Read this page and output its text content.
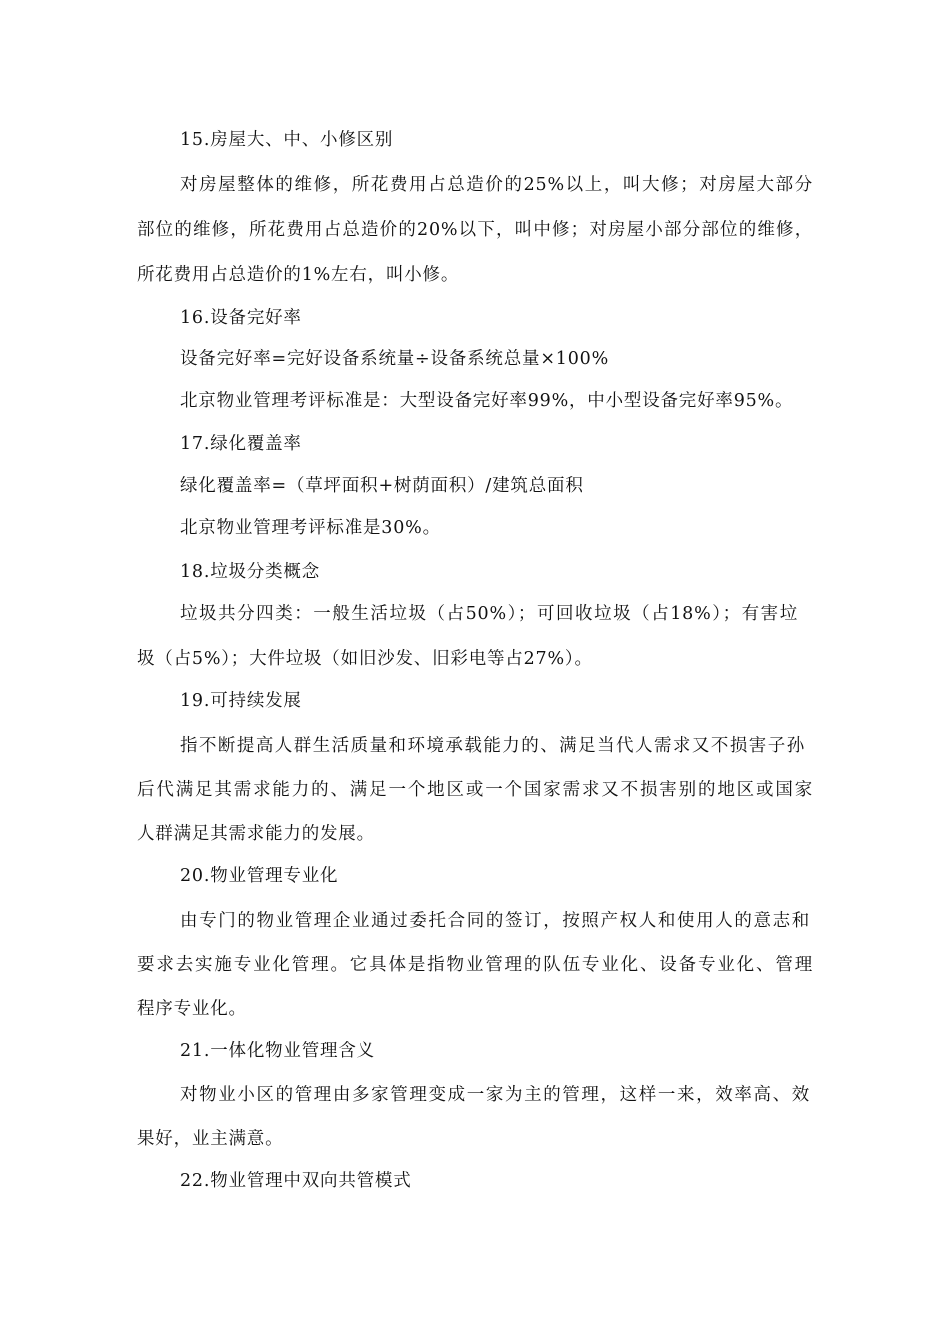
15.房屋大、中、小修区别
对房屋整体的维修，所花费用占总造价的25%以上，叫大修；对房屋大部分
部位的维修，所花费用占总造价的20%以下，叫中修；对房屋小部分部位的维修，
所花费用占总造价的1%左右，叫小修。
16.设备完好率
设备完好率=完好设备系统量÷设备系统总量×100%
北京物业管理考评标准是：大型设备完好率99%，中小型设备完好率95%。
17.绿化覆盖率
绿化覆盖率=（草坪面积+树荫面积）/建筑总面积
北京物业管理考评标准是30%。
18.垃圾分类概念
垃圾共分四类：一般生活垃圾（占50%）；可回收垃圾（占18%）；有害垃
圾（占5%）；大件垃圾（如旧沙发、旧彩电等占27%）。
19.可持续发展
指不断提高人群生活质量和环境承载能力的、满足当代人需求又不损害子孙
后代满足其需求能力的、满足一个地区或一个国家需求又不损害别的地区或国家
人群满足其需求能力的发展。
20.物业管理专业化
由专门的物业管理企业通过委托合同的签订，按照产权人和使用人的意志和
要求去实施专业化管理。它具体是指物业管理的队伍专业化、设备专业化、管理
程序专业化。
21.一体化物业管理含义
对物业小区的管理由多家管理变成一家为主的管理，这样一来，效率高、效
果好，业主满意。
22.物业管理中双向共管模式
